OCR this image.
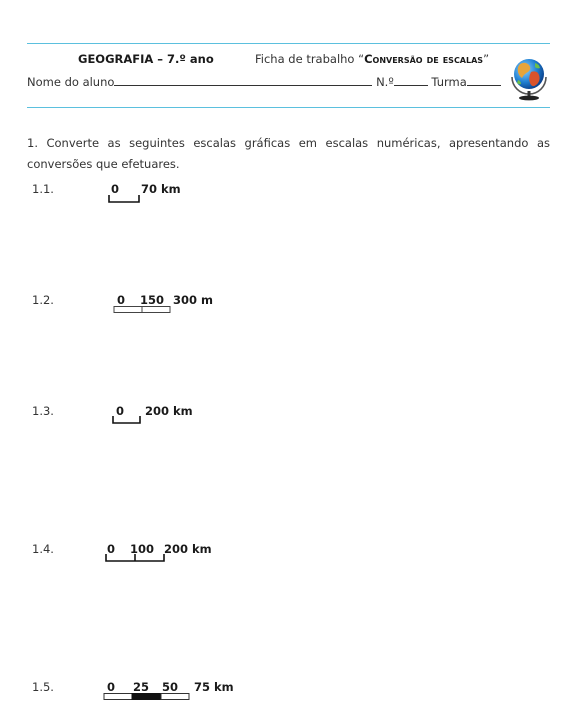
GEOGRAFIA – 7.º ano	Ficha de trabalho “Conversão de escalas”
Nome do aluno	N.º	Turma
1. Converte as seguintes escalas gráficas em escalas numéricas, apresentando as conversões que efetuares.
1.1.	0 70 km
1.2.	0 150 300 m
1.3.	0 200 km
1.4.	0 100 200 km
1.5.	0 25 50 75 km
